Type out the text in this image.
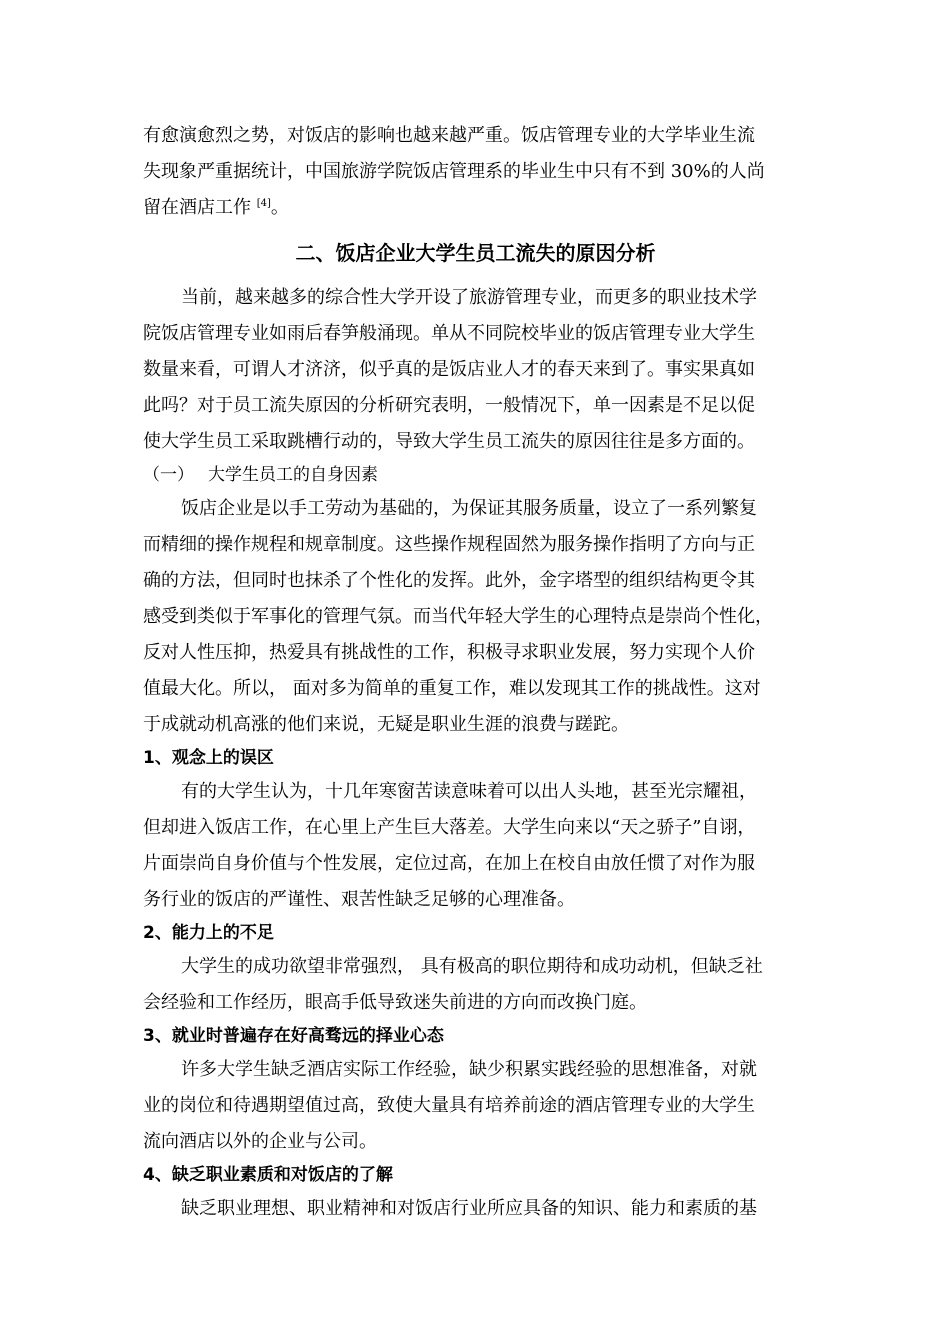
有愈演愈烈之势，对饭店的影响也越来越严重。饭店管理专业的大学毕业生流
失现象严重据统计，中国旅游学院饭店管理系的毕业生中只有不到 30%的人尚
留在酒店工作 [4]。
二、饭店企业大学生员工流失的原因分析
当前，越来越多的综合性大学开设了旅游管理专业，而更多的职业技术学
院饭店管理专业如雨后春笋般涌现。单从不同院校毕业的饭店管理专业大学生
数量来看，可谓人才济济，似乎真的是饭店业人才的春天来到了。事实果真如
此吗？对于员工流失原因的分析研究表明，一般情况下，单一因素是不足以促
使大学生员工采取跳槽行动的，导致大学生员工流失的原因往往是多方面的。
（一） 大学生员工的自身因素
饭店企业是以手工劳动为基础的，为保证其服务质量，设立了一系列繁复
而精细的操作规程和规章制度。这些操作规程固然为服务操作指明了方向与正
确的方法，但同时也抹杀了个性化的发挥。此外，金字塔型的组织结构更令其
感受到类似于军事化的管理气氛。而当代年轻大学生的心理特点是崇尚个性化，
反对人性压抑，热爱具有挑战性的工作，积极寻求职业发展，努力实现个人价
值最大化。所以， 面对多为简单的重复工作，难以发现其工作的挑战性。这对
于成就动机高涨的他们来说，无疑是职业生涯的浪费与蹉跎。
1、观念上的误区
有的大学生认为，十几年寒窗苦读意味着可以出人头地，甚至光宗耀祖，
但却进入饭店工作，在心里上产生巨大落差。大学生向来以“天之骄子”自诩，
片面崇尚自身价值与个性发展，定位过高，在加上在校自由放任惯了对作为服
务行业的饭店的严谨性、艰苦性缺乏足够的心理准备。
2、能力上的不足
大学生的成功欲望非常强烈， 具有极高的职位期待和成功动机，但缺乏社
会经验和工作经历，眼高手低导致迷失前进的方向而改换门庭。
3、就业时普遍存在好高骛远的择业心态
许多大学生缺乏酒店实际工作经验，缺少积累实践经验的思想准备，对就
业的岗位和待遇期望值过高，致使大量具有培养前途的酒店管理专业的大学生
流向酒店以外的企业与公司。
4、缺乏职业素质和对饭店的了解
缺乏职业理想、职业精神和对饭店行业所应具备的知识、能力和素质的基
